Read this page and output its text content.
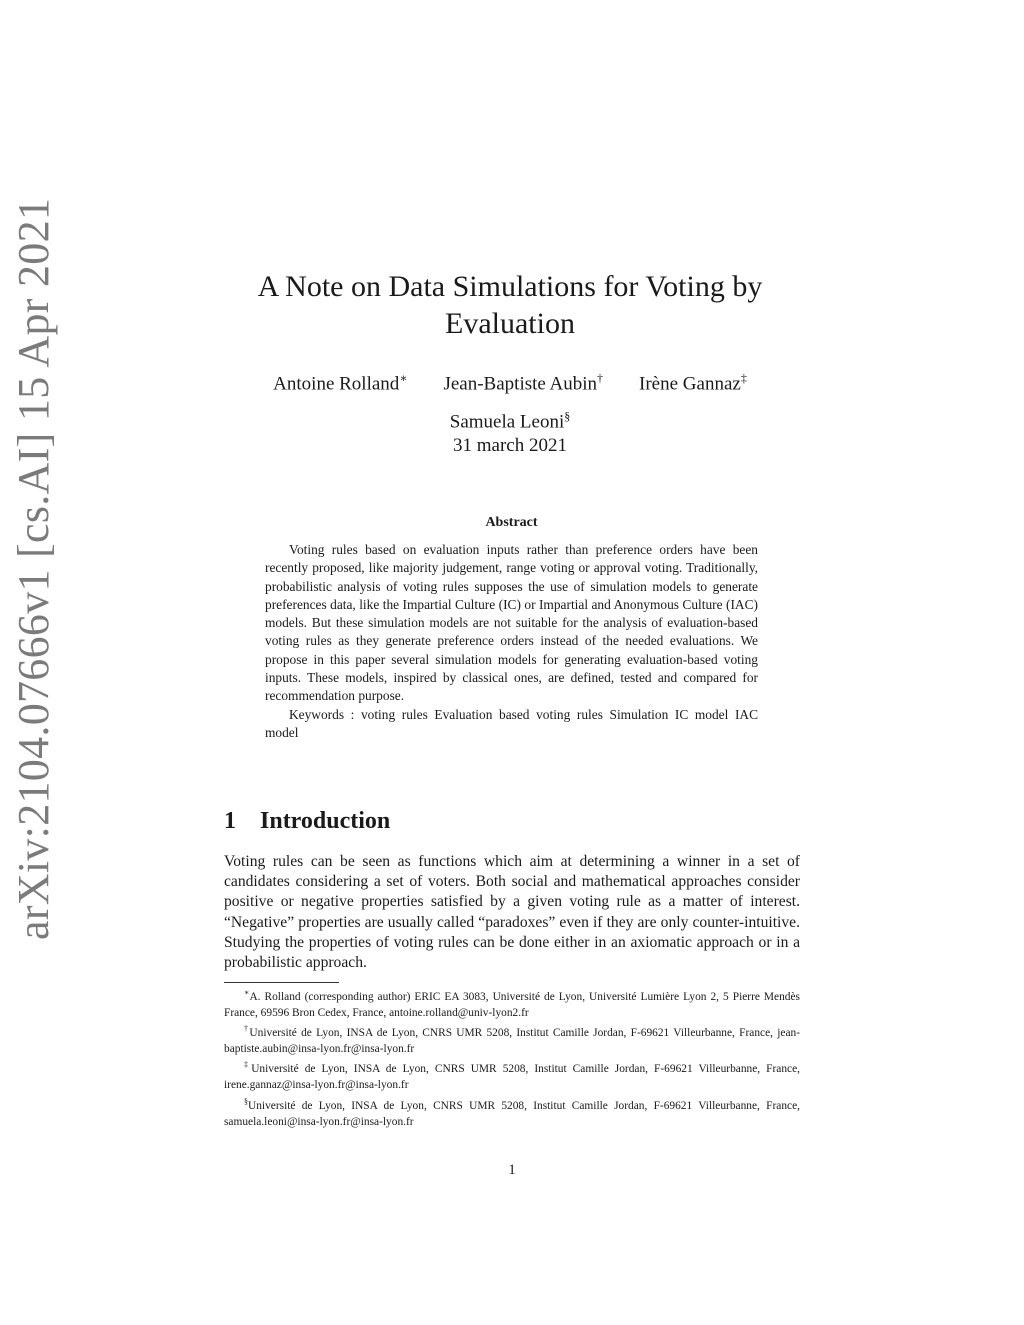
arXiv:2104.07666v1 [cs.AI] 15 Apr 2021	A Note on Data Simulations for Voting by
Evaluation
Antoine Rolland∗ Jean-Baptiste Aubin† Irène Gannaz‡
Samuela Leoni§
31 march 2021
Abstract

Voting rules based on evaluation inputs rather than preference orders have been recently proposed, like majority judgement, range voting or approval voting. Traditionally, probabilistic analysis of voting rules supposes the use of simulation models to generate preferences data, like the Impartial Culture (IC) or Impartial and Anonymous Culture (IAC) models. But these simulation models are not suitable for the analysis of evaluation-based voting rules as they generate preference orders instead of the needed evaluations. We propose in this paper several simulation models for generating evaluation-based voting inputs. These models, inspired by classical ones, are defined, tested and compared for recommendation purpose.

Keywords : voting rules Evaluation based voting rules Simulation IC model IAC model

1 Introduction

Voting rules can be seen as functions which aim at determining a winner in a set of candidates considering a set of voters. Both social and mathematical approaches consider positive or negative properties satisfied by a given voting rule as a matter of interest. “Negative” properties are usually called “paradoxes” even if they are only counter-intuitive. Studying the properties of voting rules can be done either in an axiomatic approach or in a probabilistic approach.

∗A. Rolland (corresponding author) ERIC EA 3083, Université de Lyon, Université Lumière Lyon 2, 5 Pierre Mendès France, 69596 Bron Cedex, France, antoine.rolland@univ-lyon2.fr

†Université de Lyon, INSA de Lyon, CNRS UMR 5208, Institut Camille Jordan, F-69621 Villeurbanne, France, jean-baptiste.aubin@insa-lyon.fr@insa-lyon.fr

‡Université de Lyon, INSA de Lyon, CNRS UMR 5208, Institut Camille Jordan, F-69621 Villeurbanne, France, irene.gannaz@insa-lyon.fr@insa-lyon.fr

§Université de Lyon, INSA de Lyon, CNRS UMR 5208, Institut Camille Jordan, F-69621 Villeurbanne, France, samuela.leoni@insa-lyon.fr@insa-lyon.fr

1
